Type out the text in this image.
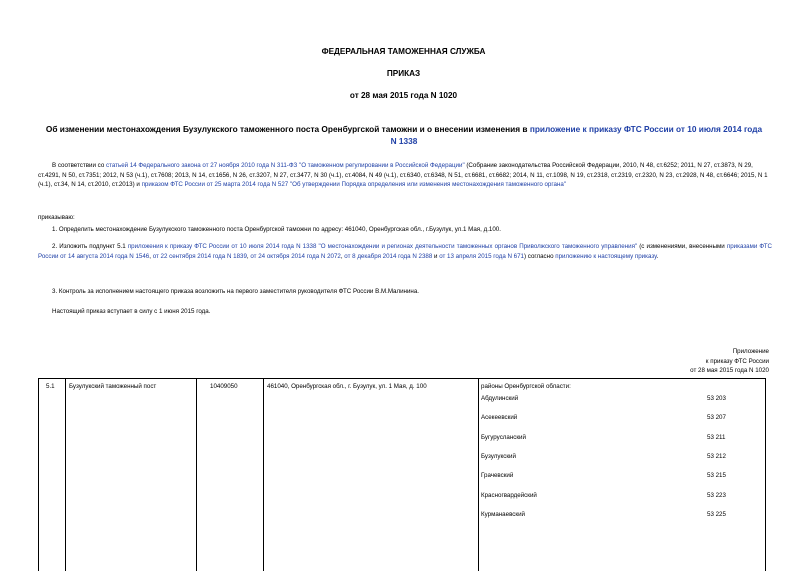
ФЕДЕРАЛЬНАЯ ТАМОЖЕННАЯ СЛУЖБА
ПРИКАЗ
от 28 мая 2015 года N 1020
Об изменении местонахождения Бузулукского таможенного поста Оренбургской таможни и о внесении изменения в приложение к приказу ФТС России от 10 июля 2014 года N 1338
В соответствии со статьей 14 Федерального закона от 27 ноября 2010 года N 311-ФЗ "О таможенном регулировании в Российской Федерации" (Собрание законодательства Российской Федерации, 2010, N 48, ст.6252; 2011, N 27, ст.3873, N 29, ст.4291, N 50, ст.7351; 2012, N 53 (ч.1), ст.7608; 2013, N 14, ст.1656, N 26, ст.3207, N 27, ст.3477, N 30 (ч.1), ст.4084, N 49 (ч.1), ст.6340, ст.6348, N 51, ст.6681, ст.6682; 2014, N 11, ст.1098, N 19, ст.2318, ст.2319, ст.2320, N 23, ст.2928, N 48, ст.6646; 2015, N 1 (ч.1), ст.34, N 14, ст.2010, ст.2013) и приказом ФТС России от 25 марта 2014 года N 527 "Об утверждении Порядка определения или изменения местонахождения таможенного органа"
приказываю:
1. Определить местонахождение Бузулукского таможенного поста Оренбургской таможни по адресу: 461040, Оренбургская обл., г.Бузулук, ул.1 Мая, д.100.
2. Изложить подпункт 5.1 приложения к приказу ФТС России от 10 июля 2014 года N 1338 "О местонахождении и регионах деятельности таможенных органов Приволжского таможенного управления" (с изменениями, внесенными приказами ФТС России от 14 августа 2014 года N 1546, от 22 сентября 2014 года N 1839, от 24 октября 2014 года N 2072, от 8 декабря 2014 года N 2388 и от 13 апреля 2015 года N 671) согласно приложению к настоящему приказу.
3. Контроль за исполнением настоящего приказа возложить на первого заместителя руководителя ФТС России В.М.Малинина.
Настоящий приказ вступает в силу с 1 июня 2015 года.
Приложение
к приказу ФТС России
от 28 мая 2015 года N 1020
5.1 Бузулукский таможенный пост	10409050	461040, Оренбургская обл., г. Бузулук, ул. 1 Мая, д. 100	районы Оренбургской области:
Абдулинский	53 203
Асекеевский	53 207
Бугурусланский	53 211
Бузулукский	53 212
Грачевский	53 215
Красногвардейский	53 223
Курманаевский	53 225
